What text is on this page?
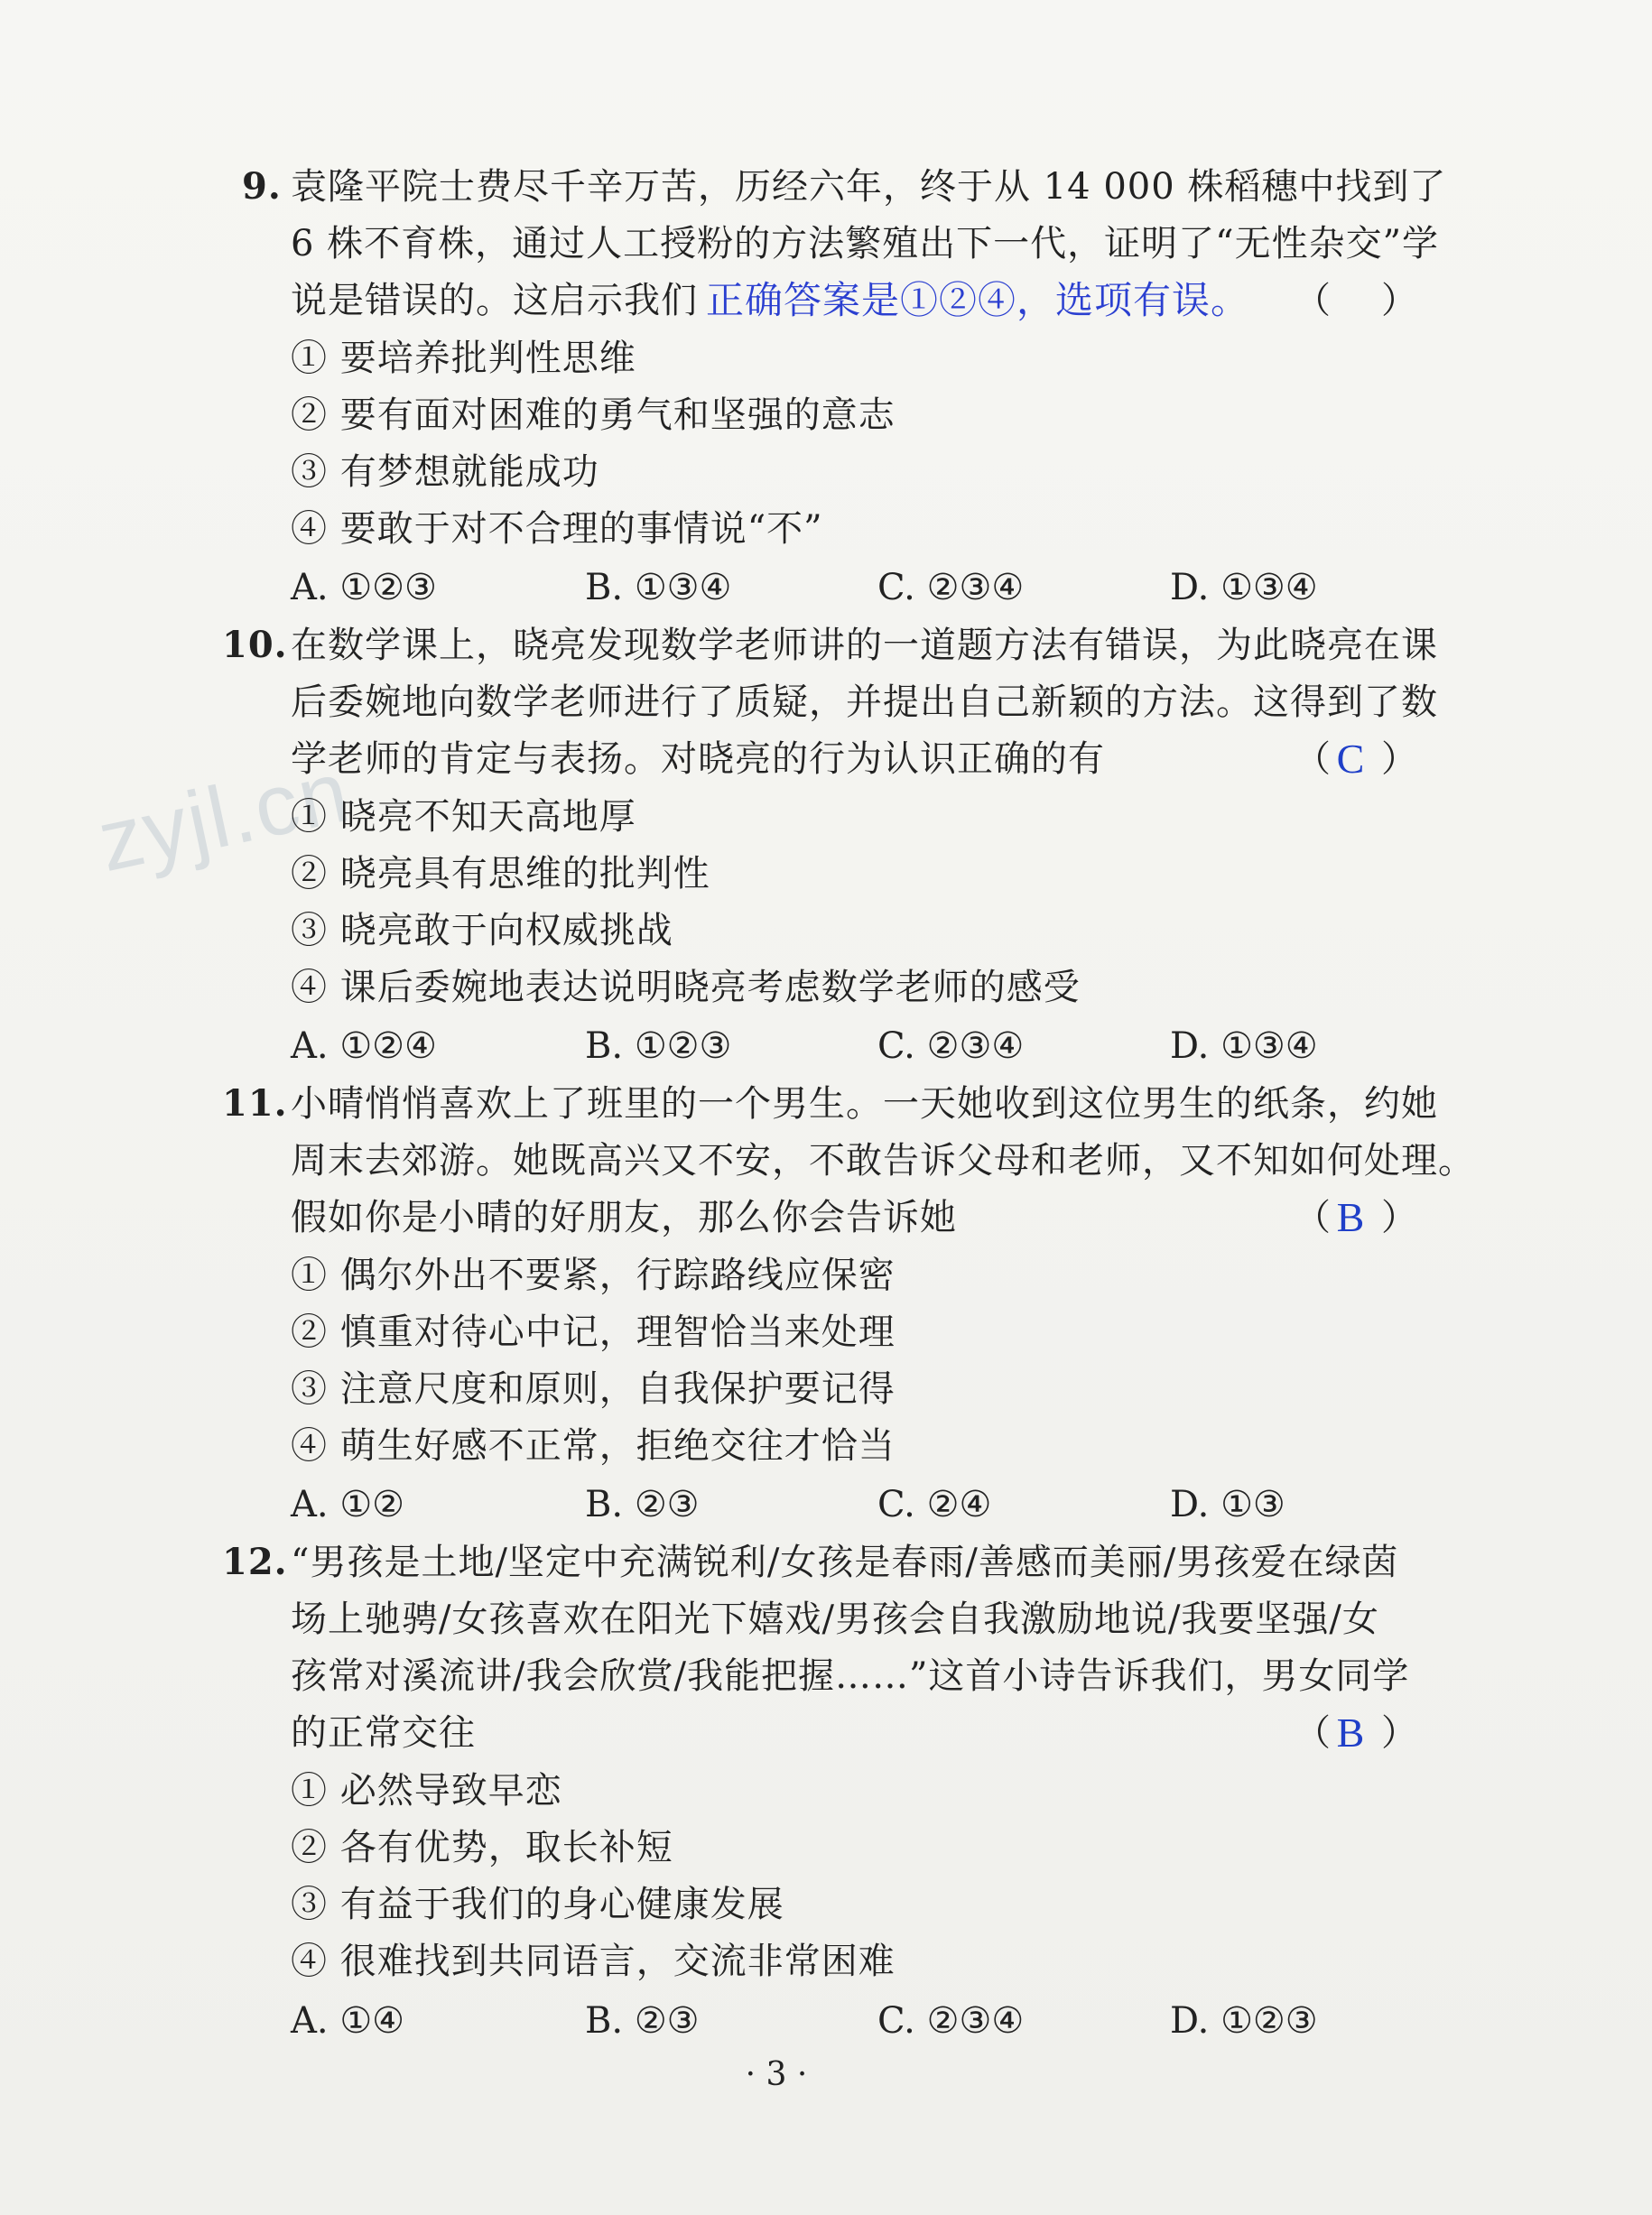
zyjl.cn
9. 袁隆平院士费尽千辛万苦，历经六年，终于从 14 000 株稻穗中找到了
6 株不育株，通过人工授粉的方法繁殖出下一代，证明了“无性杂交”学
说是错误的。这启示我们 正确答案是①②④，选项有误。 （ ）
① 要培养批判性思维
② 要有面对困难的勇气和坚强的意志
③ 有梦想就能成功
④ 要敢于对不合理的事情说“不”
A. ①②③	B. ①③④	C. ②③④	D. ①③④
10. 在数学课上，晓亮发现数学老师讲的一道题方法有错误，为此晓亮在课
后委婉地向数学老师进行了质疑，并提出自己新颖的方法。这得到了数
学老师的肯定与表扬。对晓亮的行为认识正确的有	（ C ）
① 晓亮不知天高地厚
② 晓亮具有思维的批判性
③ 晓亮敢于向权威挑战
④ 课后委婉地表达说明晓亮考虑数学老师的感受
A. ①②④	B. ①②③	C. ②③④	D. ①③④
11. 小晴悄悄喜欢上了班里的一个男生。一天她收到这位男生的纸条，约她
周末去郊游。她既高兴又不安，不敢告诉父母和老师，又不知如何处理。
假如你是小晴的好朋友，那么你会告诉她	（ B ）
① 偶尔外出不要紧，行踪路线应保密
② 慎重对待心中记，理智恰当来处理
③ 注意尺度和原则，自我保护要记得
④ 萌生好感不正常，拒绝交往才恰当
A. ①②	B. ②③	C. ②④	D. ①③
12. “男孩是土地/坚定中充满锐利/女孩是春雨/善感而美丽/男孩爱在绿茵
场上驰骋/女孩喜欢在阳光下嬉戏/男孩会自我激励地说/我要坚强/女
孩常对溪流讲/我会欣赏/我能把握……”这首小诗告诉我们，男女同学
的正常交往	（ B ）
① 必然导致早恋
② 各有优势，取长补短
③ 有益于我们的身心健康发展
④ 很难找到共同语言，交流非常困难
A. ①④	B. ②③	C. ②③④	D. ①②③
· 3 ·
